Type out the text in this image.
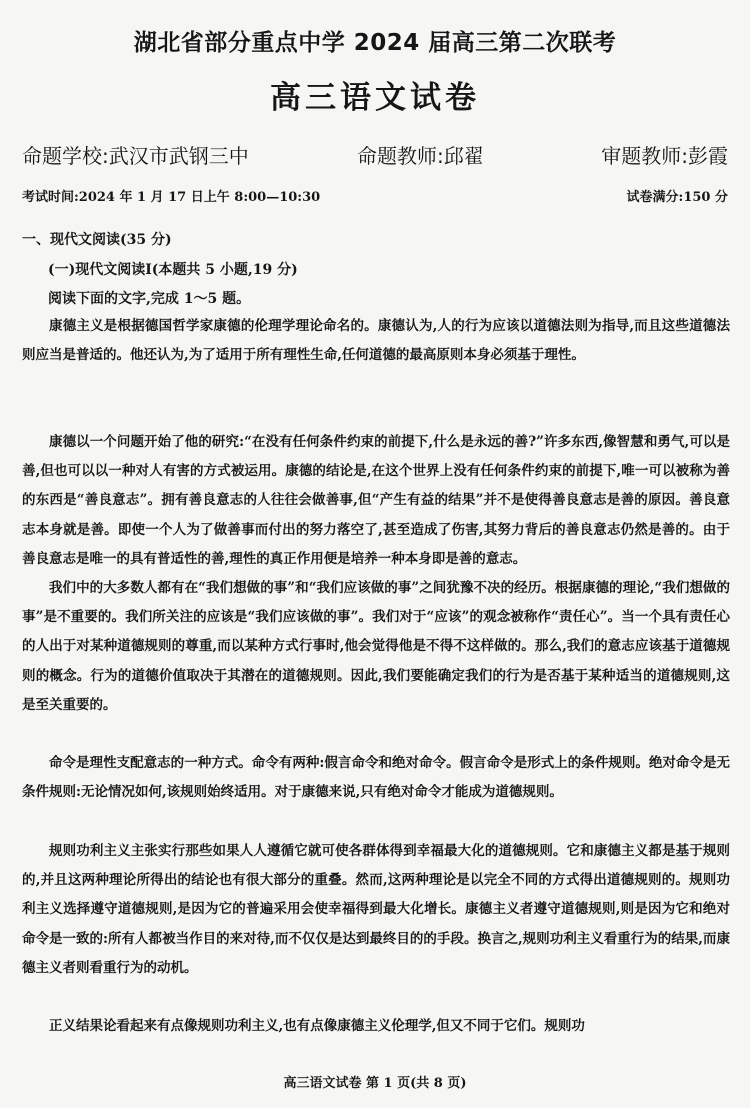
湖北省部分重点中学 2024 届高三第二次联考
高三语文试卷
命题学校:武汉市武钢三中	命题教师:邱翟	审题教师:彭霞
考试时间:2024 年 1 月 17 日上午 8:00—10:30	试卷满分:150 分
一、现代文阅读(35 分)
(一)现代文阅读Ⅰ(本题共 5 小题,19 分)
阅读下面的文字,完成 1～5 题。

康德主义是根据德国哲学家康德的伦理学理论命名的。康德认为,人的行为应该以道德法则为指导,而且这些道德法则应当是普适的。他还认为,为了适用于所有理性生命,任何道德的最高原则本身必须基于理性。

康德以一个问题开始了他的研究:“在没有任何条件约束的前提下,什么是永远的善?”许多东西,像智慧和勇气,可以是善,但也可以以一种对人有害的方式被运用。康德的结论是,在这个世界上没有任何条件约束的前提下,唯一可以被称为善的东西是“善良意志”。拥有善良意志的人往往会做善事,但“产生有益的结果”并不是使得善良意志是善的原因。善良意志本身就是善。即使一个人为了做善事而付出的努力落空了,甚至造成了伤害,其努力背后的善良意志仍然是善的。由于善良意志是唯一的具有普适性的善,理性的真正作用便是培养一种本身即是善的意志。

我们中的大多数人都有在“我们想做的事”和“我们应该做的事”之间犹豫不决的经历。根据康德的理论,“我们想做的事”是不重要的。我们所关注的应该是“我们应该做的事”。我们对于“应该”的观念被称作“责任心”。当一个具有责任心的人出于对某种道德规则的尊重,而以某种方式行事时,他会觉得他是不得不这样做的。那么,我们的意志应该基于道德规则的概念。行为的道德价值取决于其潜在的道德规则。因此,我们要能确定我们的行为是否基于某种适当的道德规则,这是至关重要的。

命令是理性支配意志的一种方式。命令有两种:假言命令和绝对命令。假言命令是形式上的条件规则。绝对命令是无条件规则:无论情况如何,该规则始终适用。对于康德来说,只有绝对命令才能成为道德规则。

规则功利主义主张实行那些如果人人遵循它就可使各群体得到幸福最大化的道德规则。它和康德主义都是基于规则的,并且这两种理论所得出的结论也有很大部分的重叠。然而,这两种理论是以完全不同的方式得出道德规则的。规则功利主义选择遵守道德规则,是因为它的普遍采用会使幸福得到最大化增长。康德主义者遵守道德规则,则是因为它和绝对命令是一致的:所有人都被当作目的来对待,而不仅仅是达到最终目的的手段。换言之,规则功利主义看重行为的结果,而康德主义者则看重行为的动机。

正义结果论看起来有点像规则功利主义,也有点像康德主义伦理学,但又不同于它们。规则功

高三语文试卷 第 1 页(共 8 页)
